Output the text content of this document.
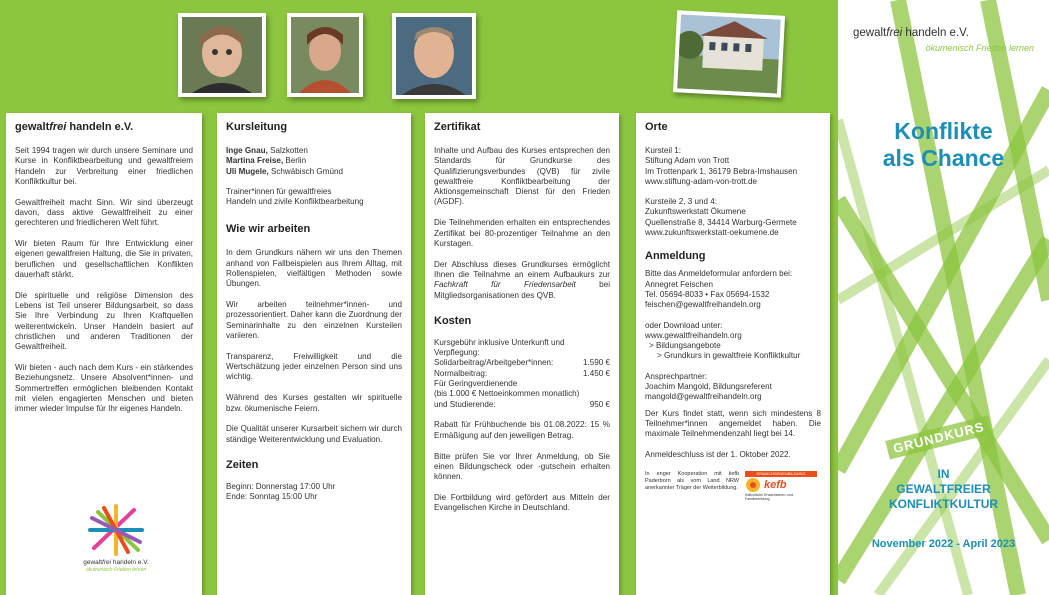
gewaltfrei handeln e.V.

Seit 1994 tragen wir durch unsere Seminare und Kurse in Konfliktbearbeitung und gewaltfreiem Handeln zur Verbreitung einer friedlichen Konfliktkultur bei.

Gewaltfreiheit macht Sinn. Wir sind überzeugt davon, dass aktive Gewaltfreiheit zu einer gerechteren und friedlicheren Welt führt.

Wir bieten Raum für Ihre Entwicklung einer eigenen gewaltfreien Haltung, die Sie in privaten, beruflichen und gesellschaftlichen Konflikten dauerhaft stärkt.

Die spirituelle und religiöse Dimension des Lebens ist Teil unserer Bildungsarbeit, so dass Sie Ihre Verbindung zu Ihren Kraftquellen weiterentwickeln. Unser Handeln basiert auf christlichen und anderen Traditionen der Gewaltfreiheit.

Wir bieten - auch nach dem Kurs - ein stärkendes Beziehungsnetz. Unsere Absolvent*innen- und Sommertreffen ermöglichen bleibenden Kontakt mit vielen engagierten Menschen und bieten immer wieder Impulse für Ihr eigenes Handeln.

gewaltfrei handeln e.V.
ökumenisch Frieden lernen
Kursleitung
Inge Gnau, Salzkotten
Martina Freise, Berlin
Uli Mugele, Schwäbisch Gmünd

Trainer*innen für gewaltfreies
Handeln und zivile Konfliktbearbeitung

Wie wir arbeiten

In dem Grundkurs nähern wir uns den Themen anhand von Fallbeispielen aus Ihrem Alltag, mit Rollenspielen, vielfältigen Methoden sowie Übungen.

Wir arbeiten teilnehmer*innen- und prozessorientiert. Daher kann die Zuordnung der Seminarinhalte zu den einzelnen Kursteilen variieren.

Transparenz, Freiwilligkeit und die Wertschätzung jeder einzelnen Person sind uns wichtig.

Während des Kurses gestalten wir spirituelle bzw. ökumenische Feiern.

Die Qualität unserer Kursarbeit sichern wir durch ständige Weiterentwicklung und Evaluation.

Zeiten
Beginn: Donnerstag 17:00 Uhr
Ende: Sonntag 15:00 Uhr
Zertifikat

Inhalte und Aufbau des Kurses entsprechen den Standards für Grundkurse des Qualifizierungsverbundes (QVB) für zivile gewaltfreie Konfliktbearbeitung der Aktionsgemeinschaft Dienst für den Frieden (AGDF).

Die Teilnehmenden erhalten ein entsprechendes Zertifikat bei 80-prozentiger Teilnahme an den Kurstagen.

Der Abschluss dieses Grundkurses ermöglicht Ihnen die Teilnahme an einem Aufbaukurs zur Fachkraft für Friedensarbeit bei Mitgliedsorganisationen des QVB.

Kosten
Kursgebühr inklusive Unterkunft und Verpflegung:
Solidarbeitrag/Arbeitgeber*innen:	1.590 €
Normalbeitrag:	1.450 €
Für Geringverdienende
(bis 1.000 € Nettoeinkommen monatlich)
und Studierende:	950 €

Rabatt für Frühbuchende bis 01.08.2022: 15 % Ermäßigung auf den jeweiligen Betrag.

Bitte prüfen Sie vor Ihrer Anmeldung, ob Sie einen Bildungscheck oder -gutschein erhalten können.

Die Fortbildung wird gefördert aus Mitteln der Evangelischen Kirche in Deutschland.

Orte
Kursteil 1:
Stiftung Adam von Trott
Im Trottenpark 1, 36179 Bebra-Imshausen
www.stiftung-adam-von-trott.de
Kursteile 2, 3 und 4:
Zukunftswerkstatt Ökumene
Quellenstraße 8, 34414 Warburg-Germete
www.zukunftswerkstatt-oekumene.de
Anmeldung
Bitte das Anmeldeformular anfordern bei:
Annegret Feischen
Tel. 05694-8033 • Fax 05694-1532
feischen@gewaltfreihandeln.org
oder Download unter:
www.gewaltfreihandeln.org
> Bildungsangebote
> Grundkurs in gewaltfreie Konfliktkultur
Ansprechpartner:
Joachim Mangold, Bildungsreferent
mangold@gewaltfreihandeln.org

Der Kurs findet statt, wenn sich mindestens 8 Teilnehmer*innen angemeldet haben. Die maximale Teilnehmendenzahl liegt bei 14.

Anmeldeschluss ist der 1. Oktober 2022.

In enger Kooperation mit kefb Paderborn als vom Land NRW anerkannter Träger der Weiterbildung.
ERWACHSENENBILDUNG
kefb
Katholische Erwachsenen- und Familienbildung
gewaltfrei handeln e.V.
ökumenisch Frieden lernen
Konflikte
als Chance
GRUNDKURS
IN
GEWALTFREIER
KONFLIKTKULTUR
November 2022 - April 2023
